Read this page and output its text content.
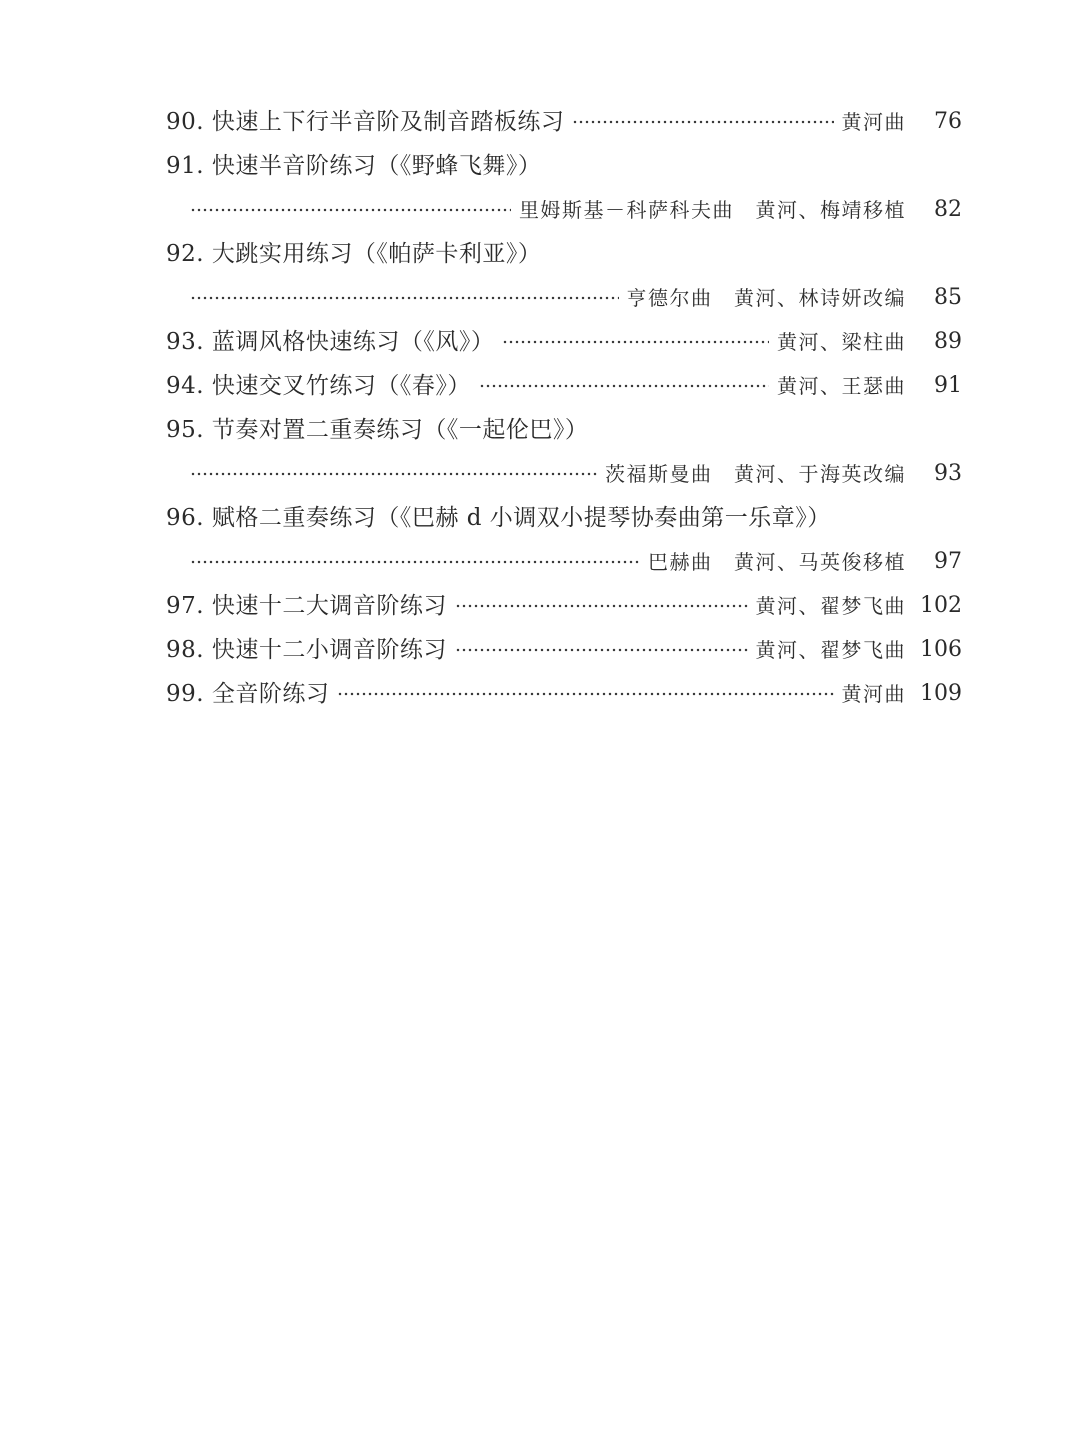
90. 快速上下行半音阶及制音踏板练习	黄河曲	76
91. 快速半音阶练习（《野蜂飞舞》）
里姆斯基－科萨科夫曲　黄河、梅靖移植	82
92. 大跳实用练习（《帕萨卡利亚》）
亨德尔曲　黄河、林诗妍改编	85
93. 蓝调风格快速练习（《风》）	黄河、梁柱曲	89
94. 快速交叉竹练习（《春》）	黄河、王瑟曲	91
95. 节奏对置二重奏练习（《一起伦巴》）
茨福斯曼曲　黄河、于海英改编	93
96. 赋格二重奏练习（《巴赫 d 小调双小提琴协奏曲第一乐章》）
巴赫曲　黄河、马英俊移植	97
97. 快速十二大调音阶练习	黄河、翟梦飞曲 102
98. 快速十二小调音阶练习	黄河、翟梦飞曲 106
99. 全音阶练习	黄河曲 109
